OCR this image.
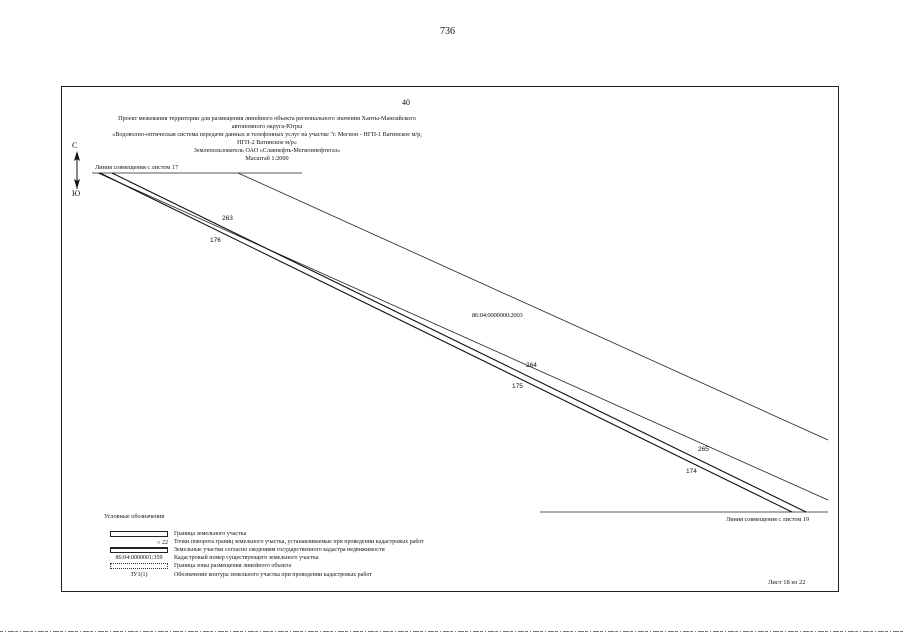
736
40
Проект межевания территории для размещения линейного объекта регионального значения Ханты-Мансийского
автономного округа-Югры
«Водоволно-оптическая система передачи данных и телефонных услуг на участке "г. Мегион - НГП-1 Ватинское м/р,
НГП-2 Ватинское м/р»
Землепользователь ОАО «Славнефть-Мегионнефтегаз»
Масштаб 1:2000
С
Ю
Линия совмещения с листом 17
Линия совмещения с листом 19
263
176
264
175
265
174
86:04:0000000:2003
Условные обозначения
Граница земельного участка
○ 22 Точки поворота границ земельного участка, устанавливаемые при проведении кадастровых работ
Земельные участки согласно сведениям государственного кадастра недвижимости
86:04:0000001:359	Кадастровый номер существующего земельного участка
Граница зоны размещения линейного объекта
ЗУ1(1)	Обозначение контура земельного участка при проведении кадастровых работ
Лист 18 из 22
